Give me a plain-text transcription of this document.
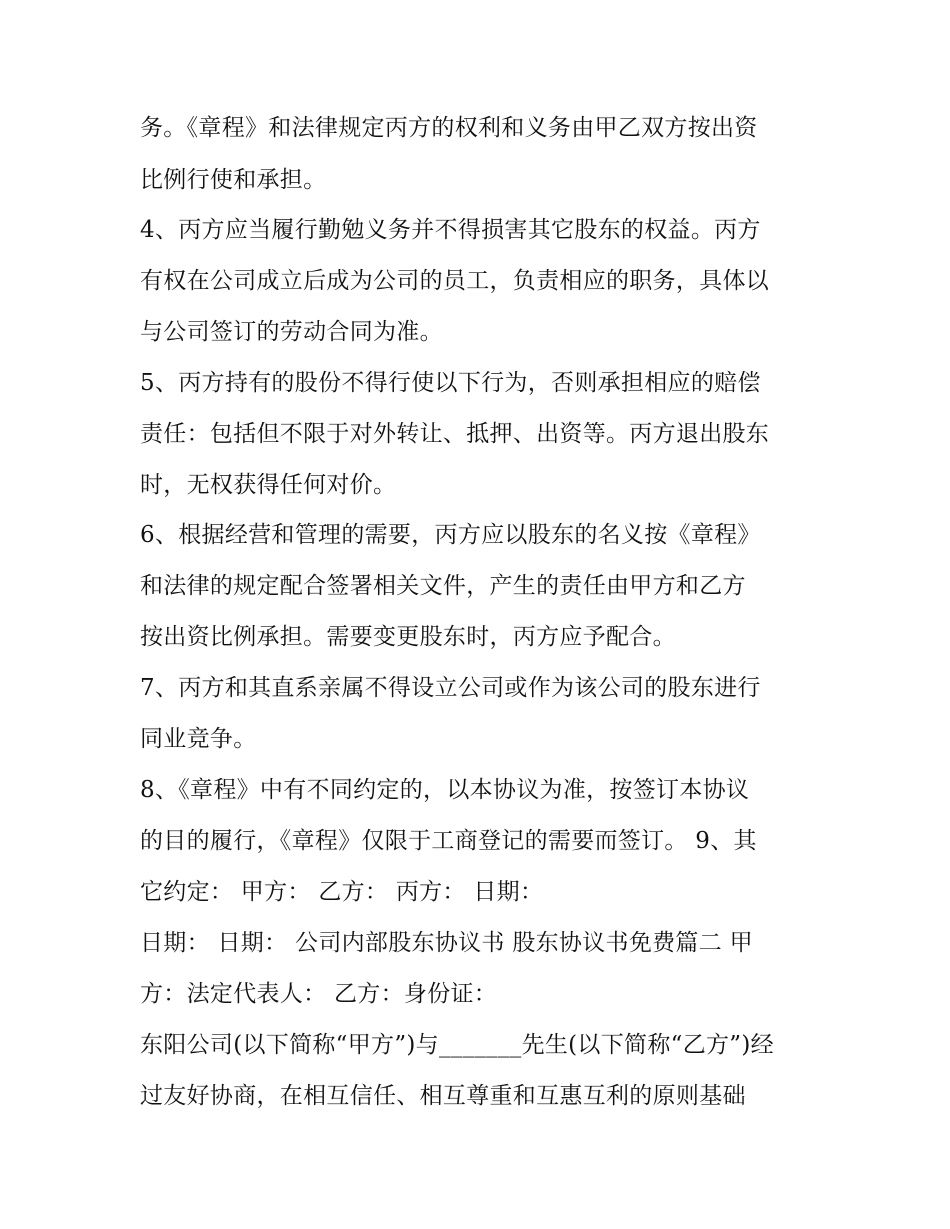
务。《章程》和法律规定丙方的权利和义务由甲乙双方按出资
比例行使和承担。
4、丙方应当履行勤勉义务并不得损害其它股东的权益。丙方
有权在公司成立后成为公司的员工，负责相应的职务，具体以
与公司签订的劳动合同为准。
5、丙方持有的股份不得行使以下行为，否则承担相应的赔偿
责任：包括但不限于对外转让、抵押、出资等。丙方退出股东
时，无权获得任何对价。
6、根据经营和管理的需要，丙方应以股东的名义按《章程》
和法律的规定配合签署相关文件，产生的责任由甲方和乙方
按出资比例承担。需要变更股东时，丙方应予配合。
7、丙方和其直系亲属不得设立公司或作为该公司的股东进行
同业竞争。
8、《章程》中有不同约定的，以本协议为准，按签订本协议
的目的履行，《章程》仅限于工商登记的需要而签订。 9、其
它约定： 甲方： 乙方： 丙方： 日期：
日期： 日期： 公司内部股东协议书 股东协议书免费篇二 甲
方：法定代表人： 乙方：身份证：
东阳公司(以下简称“甲方”)与_______先生(以下简称“乙方”)经
过友好协商，在相互信任、相互尊重和互惠互利的原则基础
